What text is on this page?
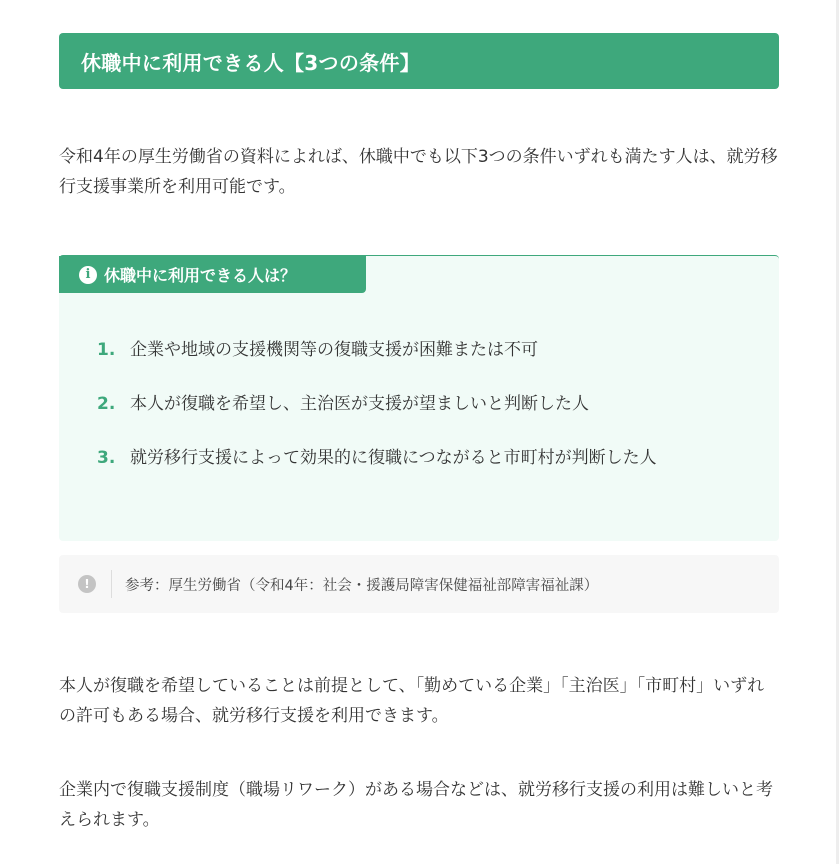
休職中に利用できる人【3つの条件】

令和4年の厚生労働省の資料によれば、休職中でも以下3つの条件いずれも満たす人は、就労移行支援事業所を利用可能です。

i 休職中に利用できる人は？
1. 企業や地域の支援機関等の復職支援が困難または不可
2. 本人が復職を希望し、主治医が支援が望ましいと判断した人
3. 就労移行支援によって効果的に復職につながると市町村が判断した人
!	参考：厚生労働省（令和4年：社会・援護局障害保健福祉部障害福祉課）

本人が復職を希望していることは前提として、「勤めている企業」「主治医」「市町村」いずれの許可もある場合、就労移行支援を利用できます。

企業内で復職支援制度（職場リワーク）がある場合などは、就労移行支援の利用は難しいと考えられます。
